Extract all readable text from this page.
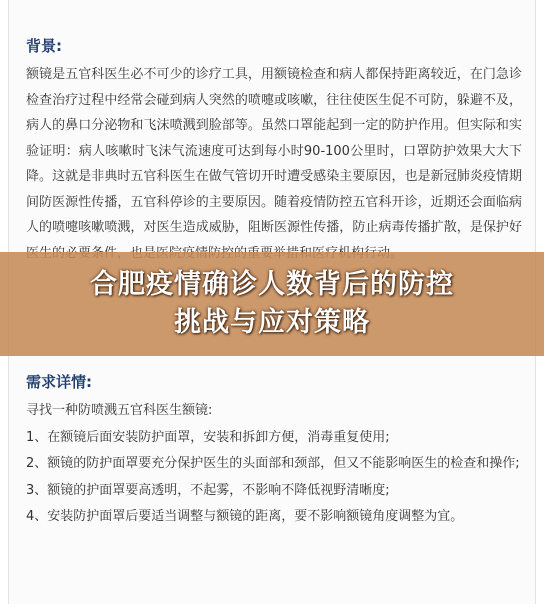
背景:

额镜是五官科医生必不可少的诊疗工具，用额镜检查和病人都保持距离较近，在门急诊检查治疗过程中经常会碰到病人突然的喷嚏或咳嗽，往往使医生促不可防，躲避不及，病人的鼻口分泌物和飞沫喷溅到脸部等。虽然口罩能起到一定的防护作用。但实际和实验证明：病人咳嗽时飞沫气流速度可达到每小时90-100公里时，口罩防护效果大大下降。这就是非典时五官科医生在做气管切开时遭受感染主要原因，也是新冠肺炎疫情期间防医源性传播，五官科停诊的主要原因。随着疫情防控五官科开诊，近期还会面临病人的喷嚏咳嗽喷溅，对医生造成威胁，阻断医源性传播，防止病毒传播扩散，是保护好

合肥疫情确诊人数背后的防控
挑战与应对策略
需求详情:

寻找一种防喷溅五官科医生额镜:

1、在额镜后面安装防护面罩，安装和拆卸方便，消毒重复使用;

2、额镜的防护面罩要充分保护医生的头面部和颈部，但又不能影响医生的检查和操作;

3、额镜的护面罩要高透明，不起雾，不影响不降低视野清晰度;

4、安装防护面罩后要适当调整与额镜的距离，要不影响额镜角度调整为宜。
